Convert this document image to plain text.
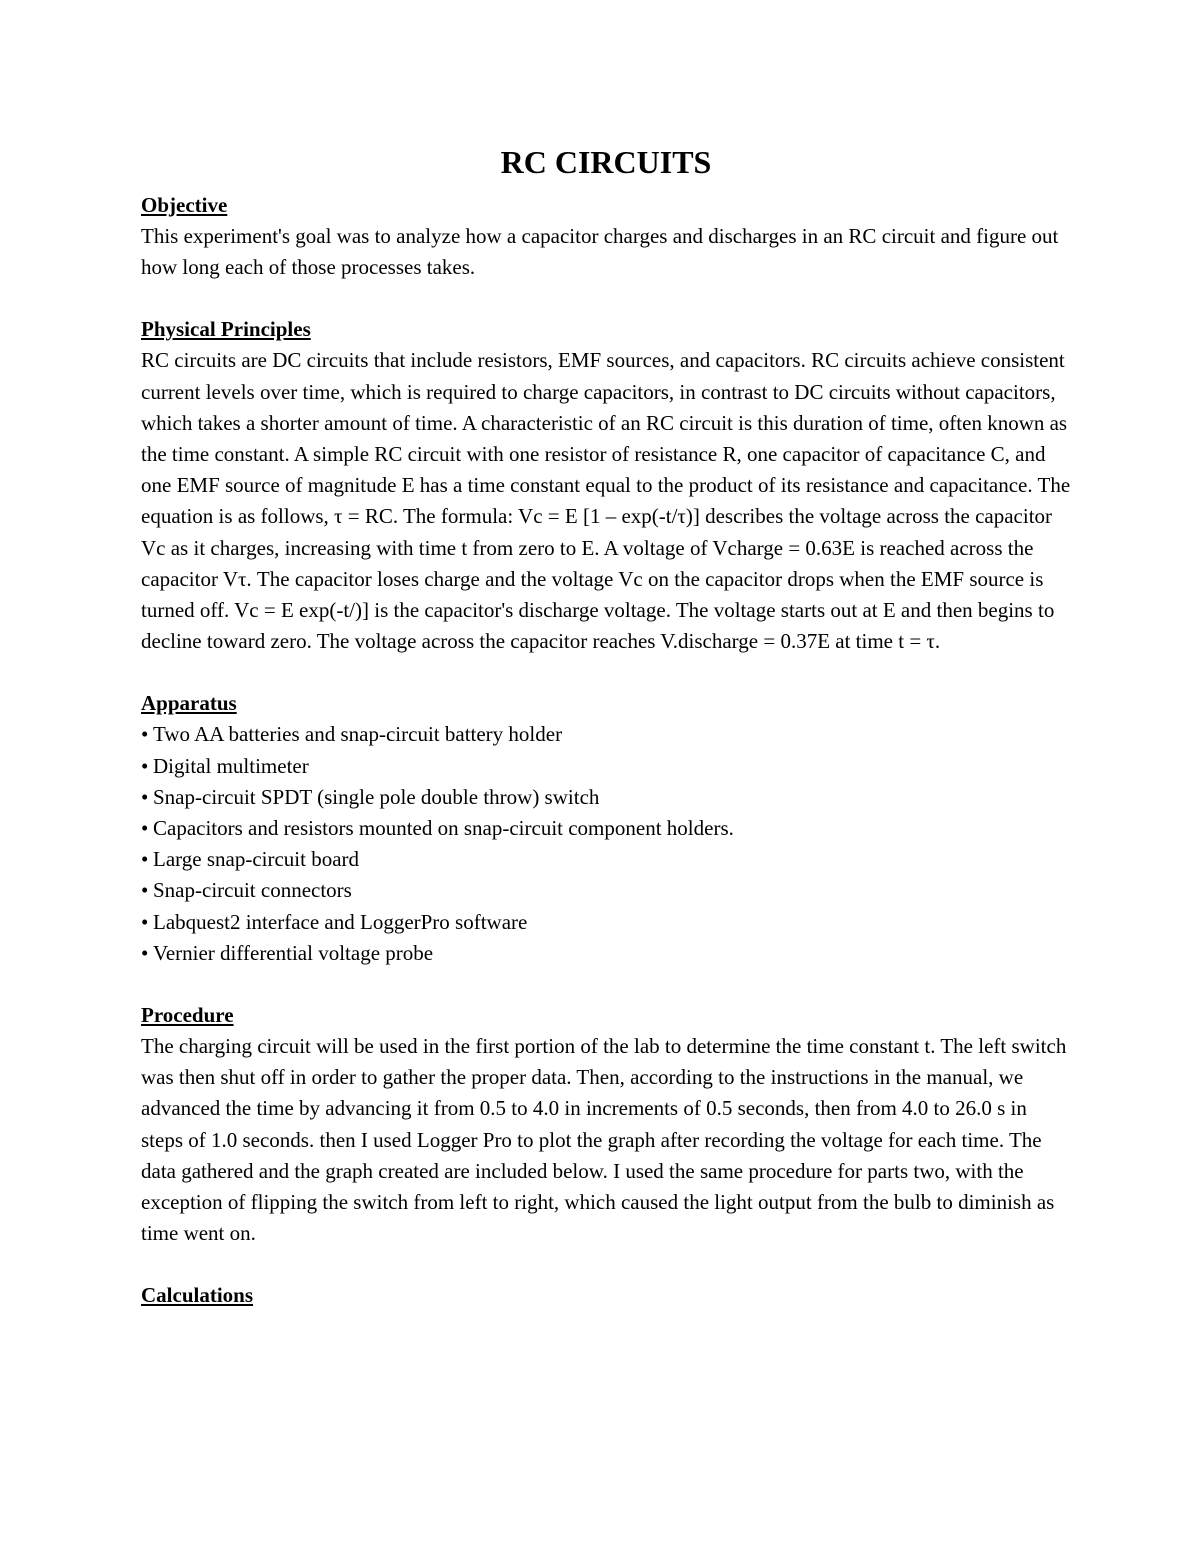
RC CIRCUITS
Objective

This experiment's goal was to analyze how a capacitor charges and discharges in an RC circuit and figure out how long each of those processes takes.

Physical Principles

RC circuits are DC circuits that include resistors, EMF sources, and capacitors. RC circuits achieve consistent current levels over time, which is required to charge capacitors, in contrast to DC circuits without capacitors, which takes a shorter amount of time. A characteristic of an RC circuit is this duration of time, often known as the time constant. A simple RC circuit with one resistor of resistance R, one capacitor of capacitance C, and one EMF source of magnitude E has a time constant equal to the product of its resistance and capacitance. The equation is as follows, τ = RC. The formula: Vc = E [1 – exp(-t/τ)] describes the voltage across the capacitor Vc as it charges, increasing with time t from zero to E. A voltage of Vcharge = 0.63E is reached across the capacitor Vτ. The capacitor loses charge and the voltage Vc on the capacitor drops when the EMF source is turned off. Vc = E exp(-t/)] is the capacitor's discharge voltage. The voltage starts out at E and then begins to decline toward zero. The voltage across the capacitor reaches V.discharge = 0.37E at time t = τ.

Apparatus
• Two AA batteries and snap-circuit battery holder
• Digital multimeter
• Snap-circuit SPDT (single pole double throw) switch
• Capacitors and resistors mounted on snap-circuit component holders.
• Large snap-circuit board
• Snap-circuit connectors
• Labquest2 interface and LoggerPro software
• Vernier differential voltage probe
Procedure

The charging circuit will be used in the first portion of the lab to determine the time constant t. The left switch was then shut off in order to gather the proper data. Then, according to the instructions in the manual, we advanced the time by advancing it from 0.5 to 4.0 in increments of 0.5 seconds, then from 4.0 to 26.0 s in steps of 1.0 seconds. then I used Logger Pro to plot the graph after recording the voltage for each time. The data gathered and the graph created are included below. I used the same procedure for parts two, with the exception of flipping the switch from left to right, which caused the light output from the bulb to diminish as time went on.

Calculations
